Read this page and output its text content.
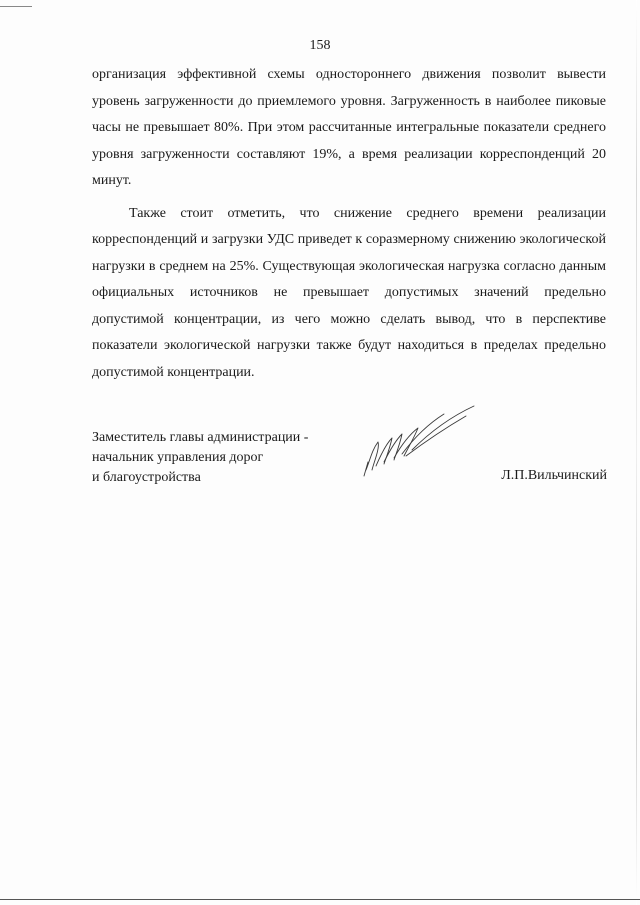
158

организация эффективной схемы одностороннего движения позволит вывести уровень загруженности до приемлемого уровня. Загруженность в наиболее пиковые часы не превышает 80%. При этом рассчитанные интегральные показатели среднего уровня загруженности составляют 19%, а время реализации корреспонденций 20 минут.

Также стоит отметить, что снижение среднего времени реализации корреспонденций и загрузки УДС приведет к соразмерному снижению экологической нагрузки в среднем на 25%. Существующая экологическая нагрузка согласно данным официальных источников не превышает допустимых значений предельно допустимой концентрации, из чего можно сделать вывод, что в перспективе показатели экологической нагрузки также будут находиться в пределах предельно допустимой концентрации.

Заместитель главы администрации -
начальник управления дорог
и благоустройства	Л.П.Вильчинский
